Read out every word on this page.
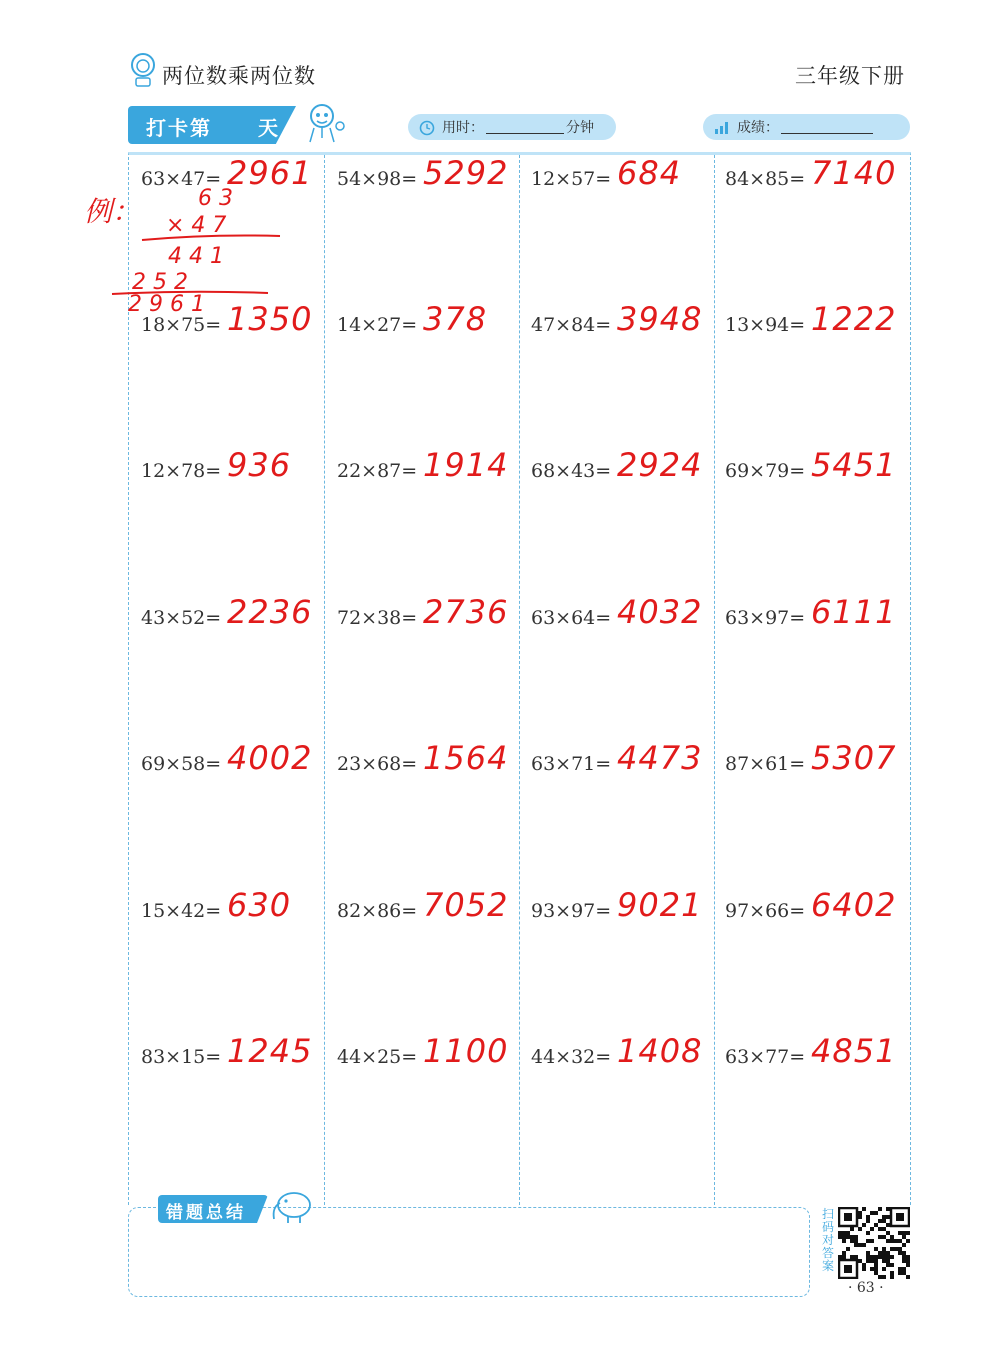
两位数乘两位数	三年级下册
打卡第 天	用时：	分钟	成绩：
63×47= 2961
18×75= 1350
12×78= 936
43×52= 2236
69×58= 4002
15×42= 630
83×15= 1245
54×98= 5292
14×27= 378
22×87= 1914
72×38= 2736
23×68= 1564
82×86= 7052
44×25= 1100
12×57= 684
47×84= 3948
68×43= 2924
63×64= 4032
63×71= 4473
93×97= 9021
44×32= 1408
84×85= 7140
13×94= 1222
69×79= 5451
63×97= 6111
87×61= 5307
97×66= 6402
63×77= 4851
例：	6 3
× 4 7
4 4 1
2 5 2
2 9 6 1
错题总结	扫码对答案
· 63 ·
